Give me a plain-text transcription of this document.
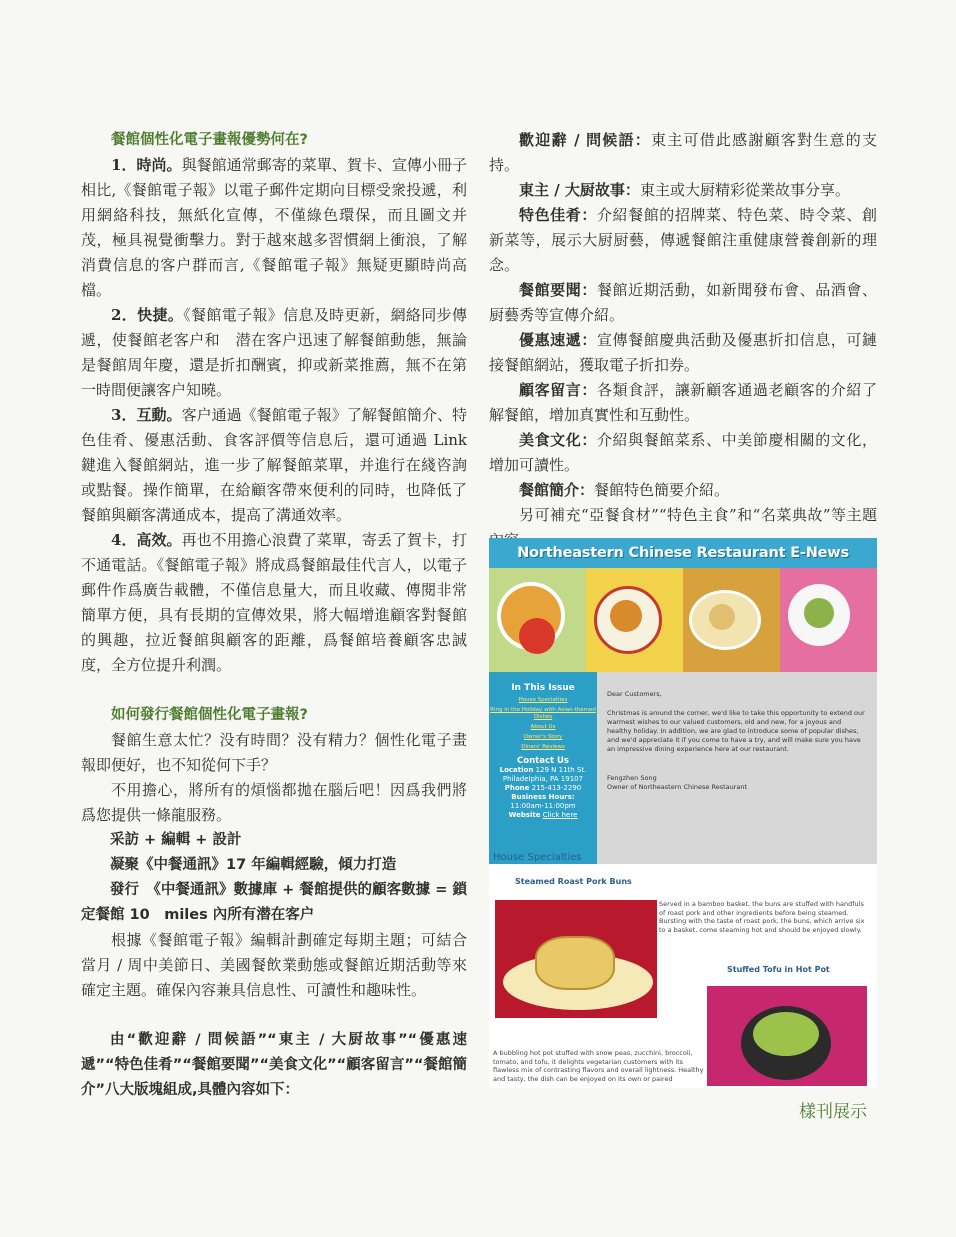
餐館個性化電子畫報優勢何在?

1．時尚。與餐館通常郵寄的菜單、賀卡、宣傳小冊子相比,《餐館電子報》以電子郵件定期向目標受衆投遞，利用網絡科技，無紙化宣傳，不僅綠色環保，而且圖文并茂，極具視覺衝擊力。對于越來越多習慣網上衝浪，了解消費信息的客户群而言,《餐館電子報》無疑更顯時尚高檔。

2．快捷。《餐館電子報》信息及時更新，網絡同步傳遞，使餐館老客户和　潜在客户迅速了解餐館動態，無論是餐館周年慶，還是折扣酬賓，抑或新菜推薦，無不在第一時間便讓客户知曉。

3．互動。客户通過《餐館電子報》了解餐館簡介、特色佳肴、優惠活動、食客評價等信息后，還可通過 Link 鍵進入餐館網站，進一步了解餐館菜單，并進行在綫咨詢或點餐。操作簡單，在給顧客帶來便利的同時，也降低了餐館與顧客溝通成本，提高了溝通效率。

4．高效。再也不用擔心浪費了菜單，寄丢了賀卡，打不通電話。《餐館電子報》將成爲餐館最佳代言人，以電子郵件作爲廣告載體，不僅信息量大，而且收藏、傳閱非常簡單方便，具有長期的宣傳效果，將大幅增進顧客對餐館的興趣，拉近餐館與顧客的距離，爲餐館培養顧客忠誠度，全方位提升利潤。

如何發行餐館個性化電子畫報?

餐館生意太忙？没有時間？没有精力？個性化電子畫報即便好，也不知從何下手？

不用擔心，將所有的煩惱都拋在腦后吧！因爲我們將爲您提供一條龍服務。

采訪 + 編輯 + 設計

凝聚《中餐通訊》17 年編輯經驗，傾力打造

發行　《中餐通訊》數據庫 + 餐館提供的顧客數據 = 鎖定餐館 10　miles 內所有潜在客户

根據《餐館電子報》編輯計劃確定每期主題；可結合當月 / 周中美節日、美國餐飲業動態或餐館近期活動等來確定主題。確保內容兼具信息性、可讀性和趣味性。

由“歡迎辭 / 問候語”“東主 / 大厨故事”“優惠速遞”“特色佳肴”“餐館要聞”“美食文化”“顧客留言”“餐館簡介”八大版塊組成,具體內容如下：

歡迎辭 / 問候語：東主可借此感謝顧客對生意的支持。

東主 / 大厨故事：東主或大厨精彩從業故事分享。

特色佳肴：介紹餐館的招牌菜、特色菜、時令菜、創新菜等，展示大厨厨藝，傳遞餐館注重健康營養創新的理念。

餐館要聞：餐館近期活動，如新聞發布會、品酒會、厨藝秀等宣傳介紹。

優惠速遞：宣傳餐館慶典活動及優惠折扣信息，可鏈接餐館網站，獲取電子折扣券。

顧客留言：各類食評，讓新顧客通過老顧客的介紹了解餐館，增加真實性和互動性。

美食文化：介紹與餐館菜系、中美節慶相關的文化，增加可讀性。

餐館簡介：餐館特色簡要介紹。

另可補充“亞餐食材”“特色主食”和“名菜典故”等主題

Northeastern Chinese Restaurant E-News
In This Issue
House Specialties
Ring in the Holiday with Asian-themed Dishes
About Us
Owner's Story
Diners' Reviews
Contact Us
Location 129 N 11th St. Philadelphia, PA 19107
Phone 215-413-2290
Business Hours:
11:00am-11:00pm
Website Click here
Dear Customers,
Christmas is around the corner, we'd like to take this opportunity to extend our warmest wishes to our valued customers, old and new, for a joyous and healthy holiday. In addition, we are glad to introduce some of popular dishes, and we'd appreciate it if you come to have a try, and will make sure you have an impressive dining experience here at our restaurant.
Fengzhen Song
Owner of Northeastern Chinese Restaurant
House Specialties
Steamed Roast Pork Buns
Served in a bamboo basket, the buns are stuffed with handfuls of roast pork and other ingredients before being steamed. Bursting with the taste of roast pork, the buns, which arrive six to a basket, come steaming hot and should be enjoyed slowly.
Stuffed Tofu in Hot Pot
A bubbling hot pot stuffed with snow peas, zucchini, broccoli, tomato, and tofu, it delights vegetarian customers with its flawless mix of contrasting flavors and overall lightness. Healthy and tasty, the dish can be enjoyed on its own or paired
樣刊展示
